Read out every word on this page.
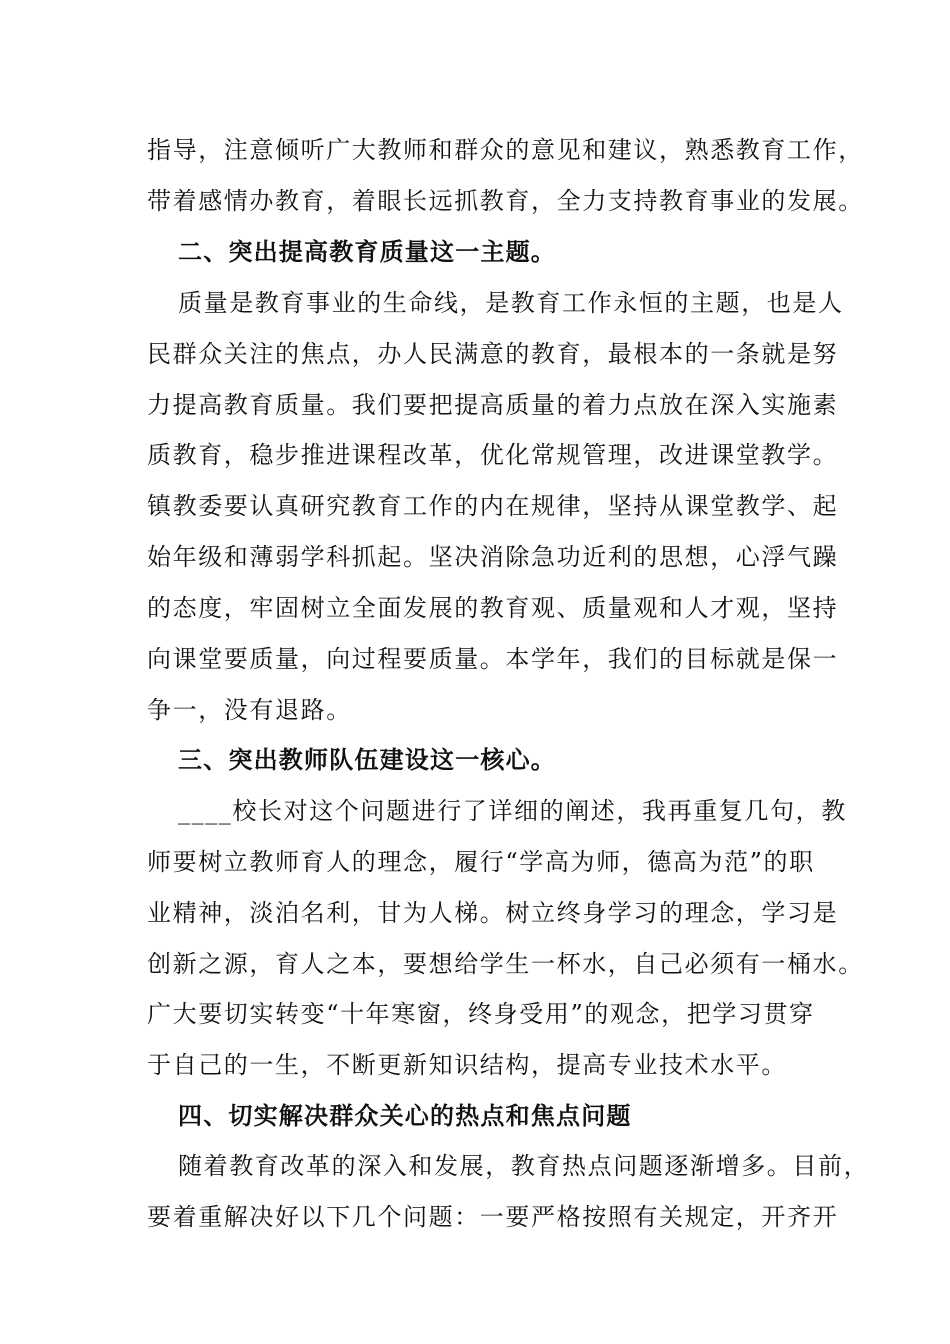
指导，注意倾听广大教师和群众的意见和建议，熟悉教育工作，
带着感情办教育，着眼长远抓教育，全力支持教育事业的发展。
二、突出提高教育质量这一主题。
质量是教育事业的生命线，是教育工作永恒的主题，也是人
民群众关注的焦点，办人民满意的教育，最根本的一条就是努
力提高教育质量。我们要把提高质量的着力点放在深入实施素
质教育，稳步推进课程改革，优化常规管理，改进课堂教学。
镇教委要认真研究教育工作的内在规律，坚持从课堂教学、起
始年级和薄弱学科抓起。坚决消除急功近利的思想，心浮气躁
的态度，牢固树立全面发展的教育观、质量观和人才观，坚持
向课堂要质量，向过程要质量。本学年，我们的目标就是保一
争一，没有退路。
三、突出教师队伍建设这一核心。
____校长对这个问题进行了详细的阐述，我再重复几句，教
师要树立教师育人的理念，履行“学高为师，德高为范”的职
业精神，淡泊名利，甘为人梯。树立终身学习的理念，学习是
创新之源，育人之本，要想给学生一杯水，自己必须有一桶水。
广大要切实转变“十年寒窗，终身受用”的观念，把学习贯穿
于自己的一生，不断更新知识结构，提高专业技术水平。
四、切实解决群众关心的热点和焦点问题
随着教育改革的深入和发展，教育热点问题逐渐增多。目前，
要着重解决好以下几个问题：一要严格按照有关规定，开齐开
